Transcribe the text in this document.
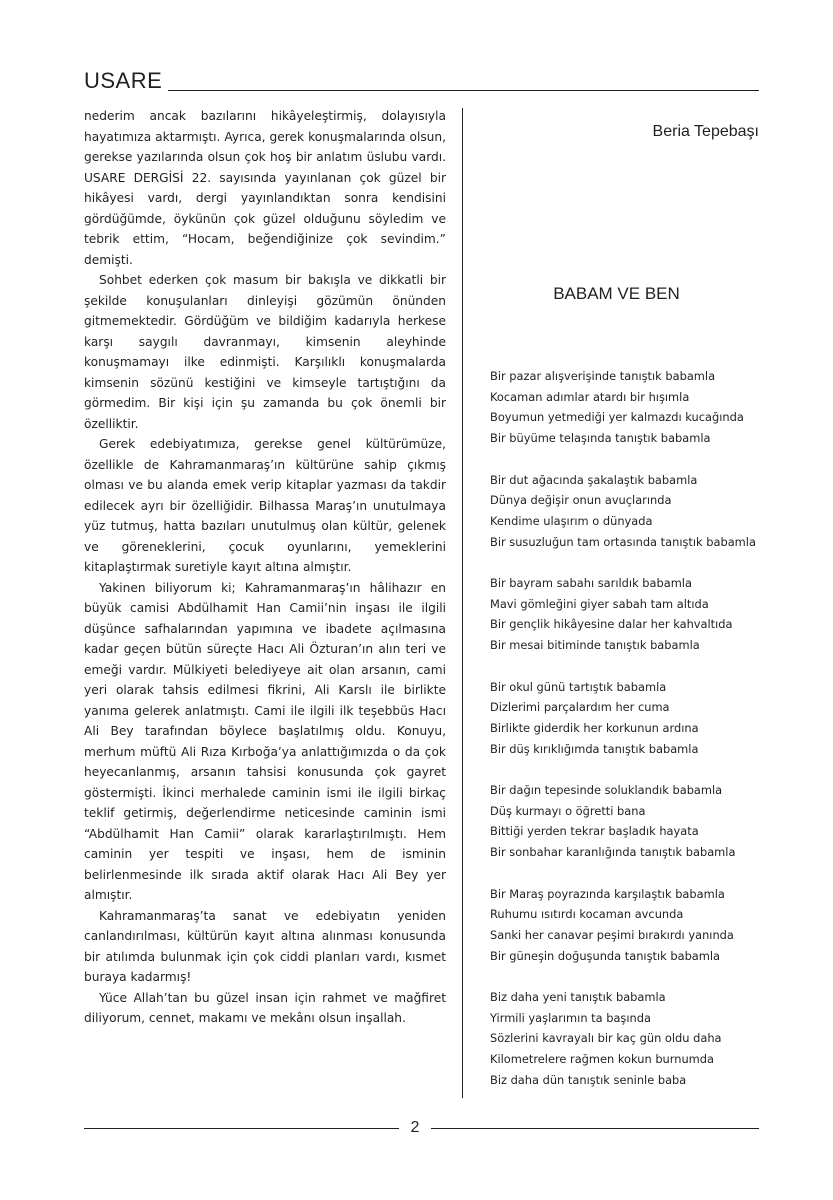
USARE

nederim ancak bazılarını hikâyeleştirmiş, dolayısıyla hayatımıza aktarmıştı. Ayrıca, gerek konuşmalarında olsun, gerekse yazılarında olsun çok hoş bir anlatım üslubu vardı. USARE DERGİSİ 22. sayısında yayınlanan çok güzel bir hikâyesi vardı, dergi yayınlandıktan sonra kendisini gördüğümde, öykünün çok güzel olduğunu söyledim ve tebrik ettim, “Hocam, beğendiğinize çok sevindim.” demişti.

Sohbet ederken çok masum bir bakışla ve dikkatli bir şekilde konuşulanları dinleyişi gözümün önünden gitmemektedir. Gördüğüm ve bildiğim kadarıyla herkese karşı saygılı davranmayı, kimsenin aleyhinde konuşmamayı ilke edinmişti. Karşılıklı konuşmalarda kimsenin sözünü kestiğini ve kimseyle tartıştığını da görmedim. Bir kişi için şu zamanda bu çok önemli bir özelliktir.

Gerek edebiyatımıza, gerekse genel kültürümüze, özellikle de Kahramanmaraş’ın kültürüne sahip çıkmış olması ve bu alanda emek verip kitaplar yazması da takdir edilecek ayrı bir özelliğidir. Bilhassa Maraş’ın unutulmaya yüz tutmuş, hatta bazıları unutulmuş olan kültür, gelenek ve göreneklerini, çocuk oyunlarını, yemeklerini kitaplaştırmak suretiyle kayıt altına almıştır.

Yakinen biliyorum ki; Kahramanmaraş’ın hâlihazır en büyük camisi Abdülhamit Han Camii’nin inşası ile ilgili düşünce safhalarından yapımına ve ibadete açılmasına kadar geçen bütün süreçte Hacı Ali Özturan’ın alın teri ve emeği vardır. Mülkiyeti belediyeye ait olan arsanın, cami yeri olarak tahsis edilmesi fikrini, Ali Karslı ile birlikte yanıma gelerek anlatmıştı. Cami ile ilgili ilk teşebbüs Hacı Ali Bey tarafından böylece başlatılmış oldu. Konuyu, merhum müftü Ali Rıza Kırboğa’ya anlattığımızda o da çok heyecanlanmış, arsanın tahsisi konusunda çok gayret göstermişti. İkinci merhalede caminin ismi ile ilgili birkaç teklif getirmiş, değerlendirme neticesinde caminin ismi “Abdülhamit Han Camii” olarak kararlaştırılmıştı. Hem caminin yer tespiti ve inşası, hem de isminin belirlenmesinde ilk sırada aktif olarak Hacı Ali Bey yer almıştır.

Kahramanmaraş’ta sanat ve edebiyatın yeniden canlandırılması, kültürün kayıt altına alınması konusunda bir atılımda bulunmak için çok ciddi planları vardı, kısmet buraya kadarmış!

Yüce Allah’tan bu güzel insan için rahmet ve mağfiret diliyorum, cennet, makamı ve mekânı olsun inşallah.

Beria Tepebaşı
BABAM VE BEN
Bir pazar alışverişinde tanıştık babamla
Kocaman adımlar atardı bir hışımla
Boyumun yetmediği yer kalmazdı kucağında
Bir büyüme telaşında tanıştık babamla
Bir dut ağacında şakalaştık babamla
Dünya değişir onun avuçlarında
Kendime ulaşırım o dünyada
Bir susuzluğun tam ortasında tanıştık babamla
Bir bayram sabahı sarıldık babamla
Mavi gömleğini giyer sabah tam altıda
Bir gençlik hikâyesine dalar her kahvaltıda
Bir mesai bitiminde tanıştık babamla
Bir okul günü tartıştık babamla
Dizlerimi parçalardım her cuma
Birlikte giderdik her korkunun ardına
Bir düş kırıklığımda tanıştık babamla
Bir dağın tepesinde soluklandık babamla
Düş kurmayı o öğretti bana
Bittiği yerden tekrar başladık hayata
Bir sonbahar karanlığında tanıştık babamla
Bir Maraş poyrazında karşılaştık babamla
Ruhumu ısıtırdı kocaman avcunda
Sanki her canavar peşimi bırakırdı yanında
Bir güneşin doğuşunda tanıştık babamla
Biz daha yeni tanıştık babamla
Yirmili yaşlarımın ta başında
Sözlerini kavrayalı bir kaç gün oldu daha
Kilometrelere rağmen kokun burnumda
Biz daha dün tanıştık seninle baba
2
